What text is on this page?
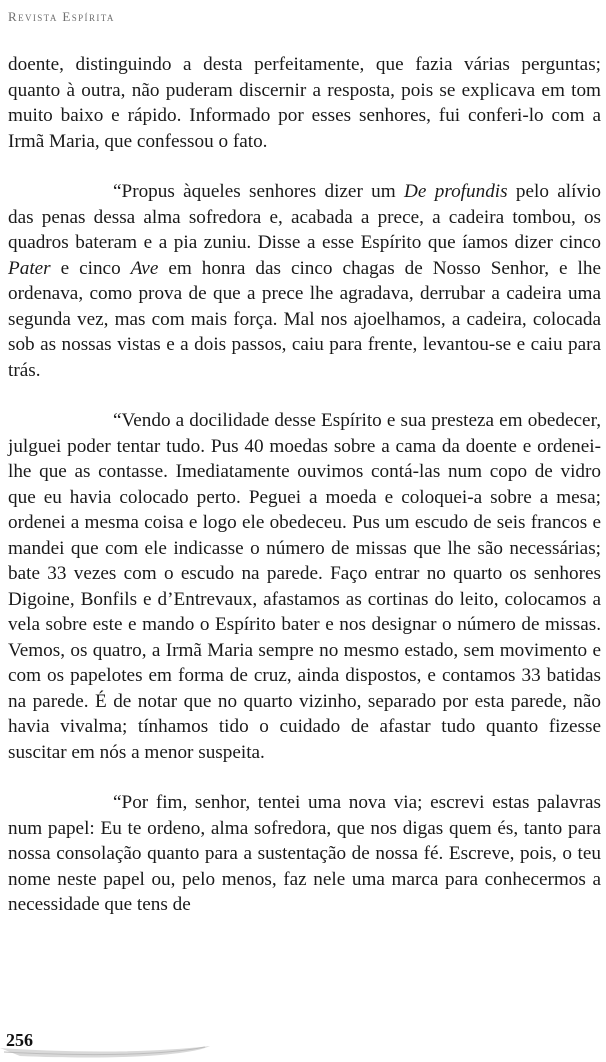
Revista Espírita

doente, distinguindo a desta perfeitamente, que fazia várias perguntas; quanto à outra, não puderam discernir a resposta, pois se explicava em tom muito baixo e rápido. Informado por esses senhores, fui conferi-lo com a Irmã Maria, que confessou o fato.

“Propus àqueles senhores dizer um De profundis pelo alívio das penas dessa alma sofredora e, acabada a prece, a cadeira tombou, os quadros bateram e a pia zuniu. Disse a esse Espírito que íamos dizer cinco Pater e cinco Ave em honra das cinco chagas de Nosso Senhor, e lhe ordenava, como prova de que a prece lhe agradava, derrubar a cadeira uma segunda vez, mas com mais força. Mal nos ajoelhamos, a cadeira, colocada sob as nossas vistas e a dois passos, caiu para frente, levantou-se e caiu para trás.

“Vendo a docilidade desse Espírito e sua presteza em obedecer, julguei poder tentar tudo. Pus 40 moedas sobre a cama da doente e ordenei-lhe que as contasse. Imediatamente ouvimos contá-las num copo de vidro que eu havia colocado perto. Peguei a moeda e coloquei-a sobre a mesa; ordenei a mesma coisa e logo ele obedeceu. Pus um escudo de seis francos e mandei que com ele indicasse o número de missas que lhe são necessárias; bate 33 vezes com o escudo na parede. Faço entrar no quarto os senhores Digoine, Bonfils e d’Entrevaux, afastamos as cortinas do leito, colocamos a vela sobre este e mando o Espírito bater e nos designar o número de missas. Vemos, os quatro, a Irmã Maria sempre no mesmo estado, sem movimento e com os papelotes em forma de cruz, ainda dispostos, e contamos 33 batidas na parede. É de notar que no quarto vizinho, separado por esta parede, não havia vivalma; tínhamos tido o cuidado de afastar tudo quanto fizesse suscitar em nós a menor suspeita.

“Por fim, senhor, tentei uma nova via; escrevi estas palavras num papel: Eu te ordeno, alma sofredora, que nos digas quem és, tanto para nossa consolação quanto para a sustentação de nossa fé. Escreve, pois, o teu nome neste papel ou, pelo menos, faz nele uma marca para conhecermos a necessidade que tens de

256
